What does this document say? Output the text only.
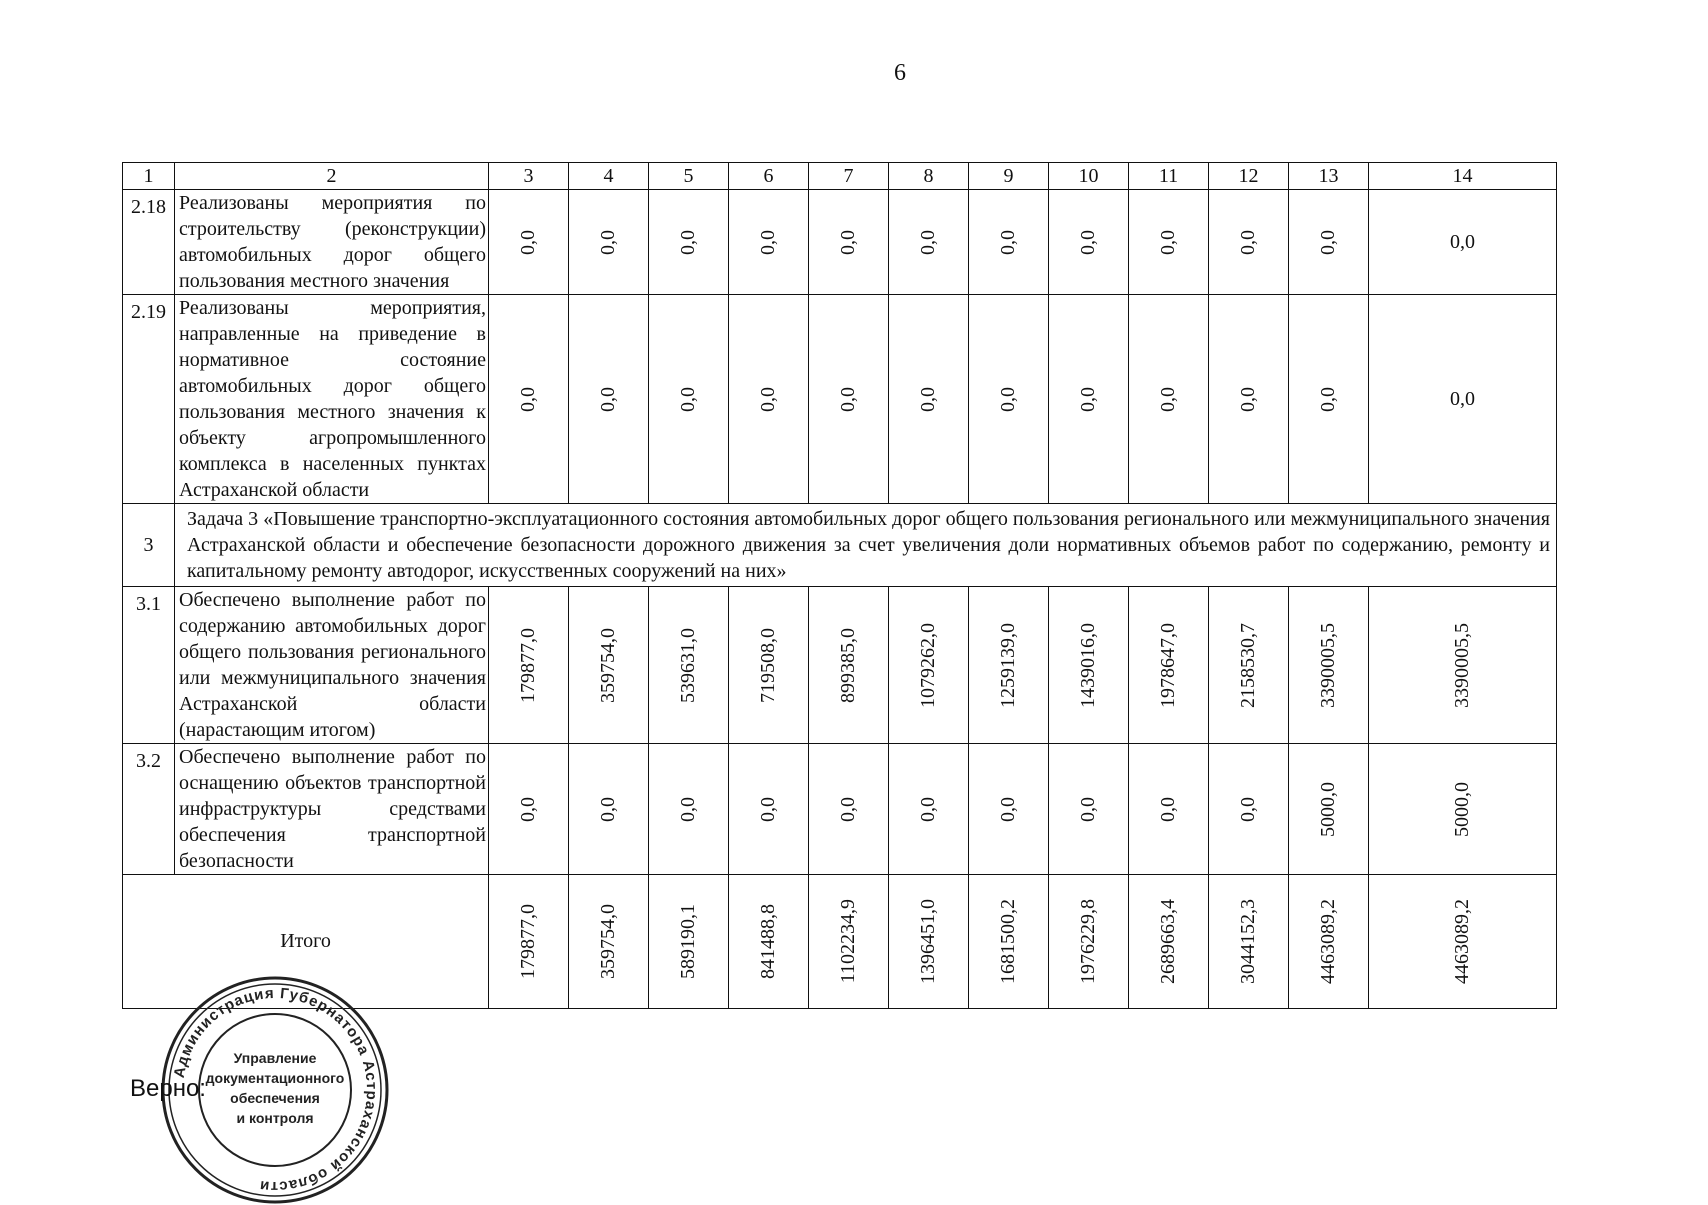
6
1	2	3	4	5	6	7	8	9	10	11	12	13	14
2.18	Реализованы мероприятия по строительству (реконструкции) автомобильных дорог общего пользования местного значения	0,0	0,0	0,0	0,0	0,0	0,0	0,0	0,0	0,0	0,0	0,0	0,0
2.19	Реализованы мероприятия, направленные на приведение в нормативное состояние автомобильных дорог общего пользования местного значения к объекту агропромышленного комплекса в населенных пунктах Астраханской области	0,0	0,0	0,0	0,0	0,0	0,0	0,0	0,0	0,0	0,0	0,0	0,0
3	Задача 3 «Повышение транспортно-эксплуатационного состояния автомобильных дорог общего пользования регионального или межмуниципального значения Астраханской области и обеспечение безопасности дорожного движения за счет увеличения доли нормативных объемов работ по содержанию, ремонту и капитальному ремонту автодорог, искусственных сооружений на них»												
3.1	Обеспечено выполнение работ по содержанию автомобильных дорог общего пользования регионального или межмуниципального значения Астраханской области (нарастающим итогом)	179877,0	359754,0	539631,0	719508,0	899385,0	1079262,0	1259139,0	1439016,0	1978647,0	2158530,7	3390005,5	3390005,5

3.2	Обеспечено выполнение работ по оснащению объектов транспортной инфраструктуры средствами обеспечения транспортной безопасности	0,0	0,0	0,0	0,0	0,0	0,0	0,0	0,0	0,0	0,0	5000,0	5000,0

Итого		179877,0	359754,0	589190,1	841488,8	1102234,9	1396451,0	1681500,2	1976229,8	2689663,4	3044152,3	4463089,2	4463089,2
Администрация Губернатора Астраханской области
Управление документационного обеспечения и контроля
Верно:
